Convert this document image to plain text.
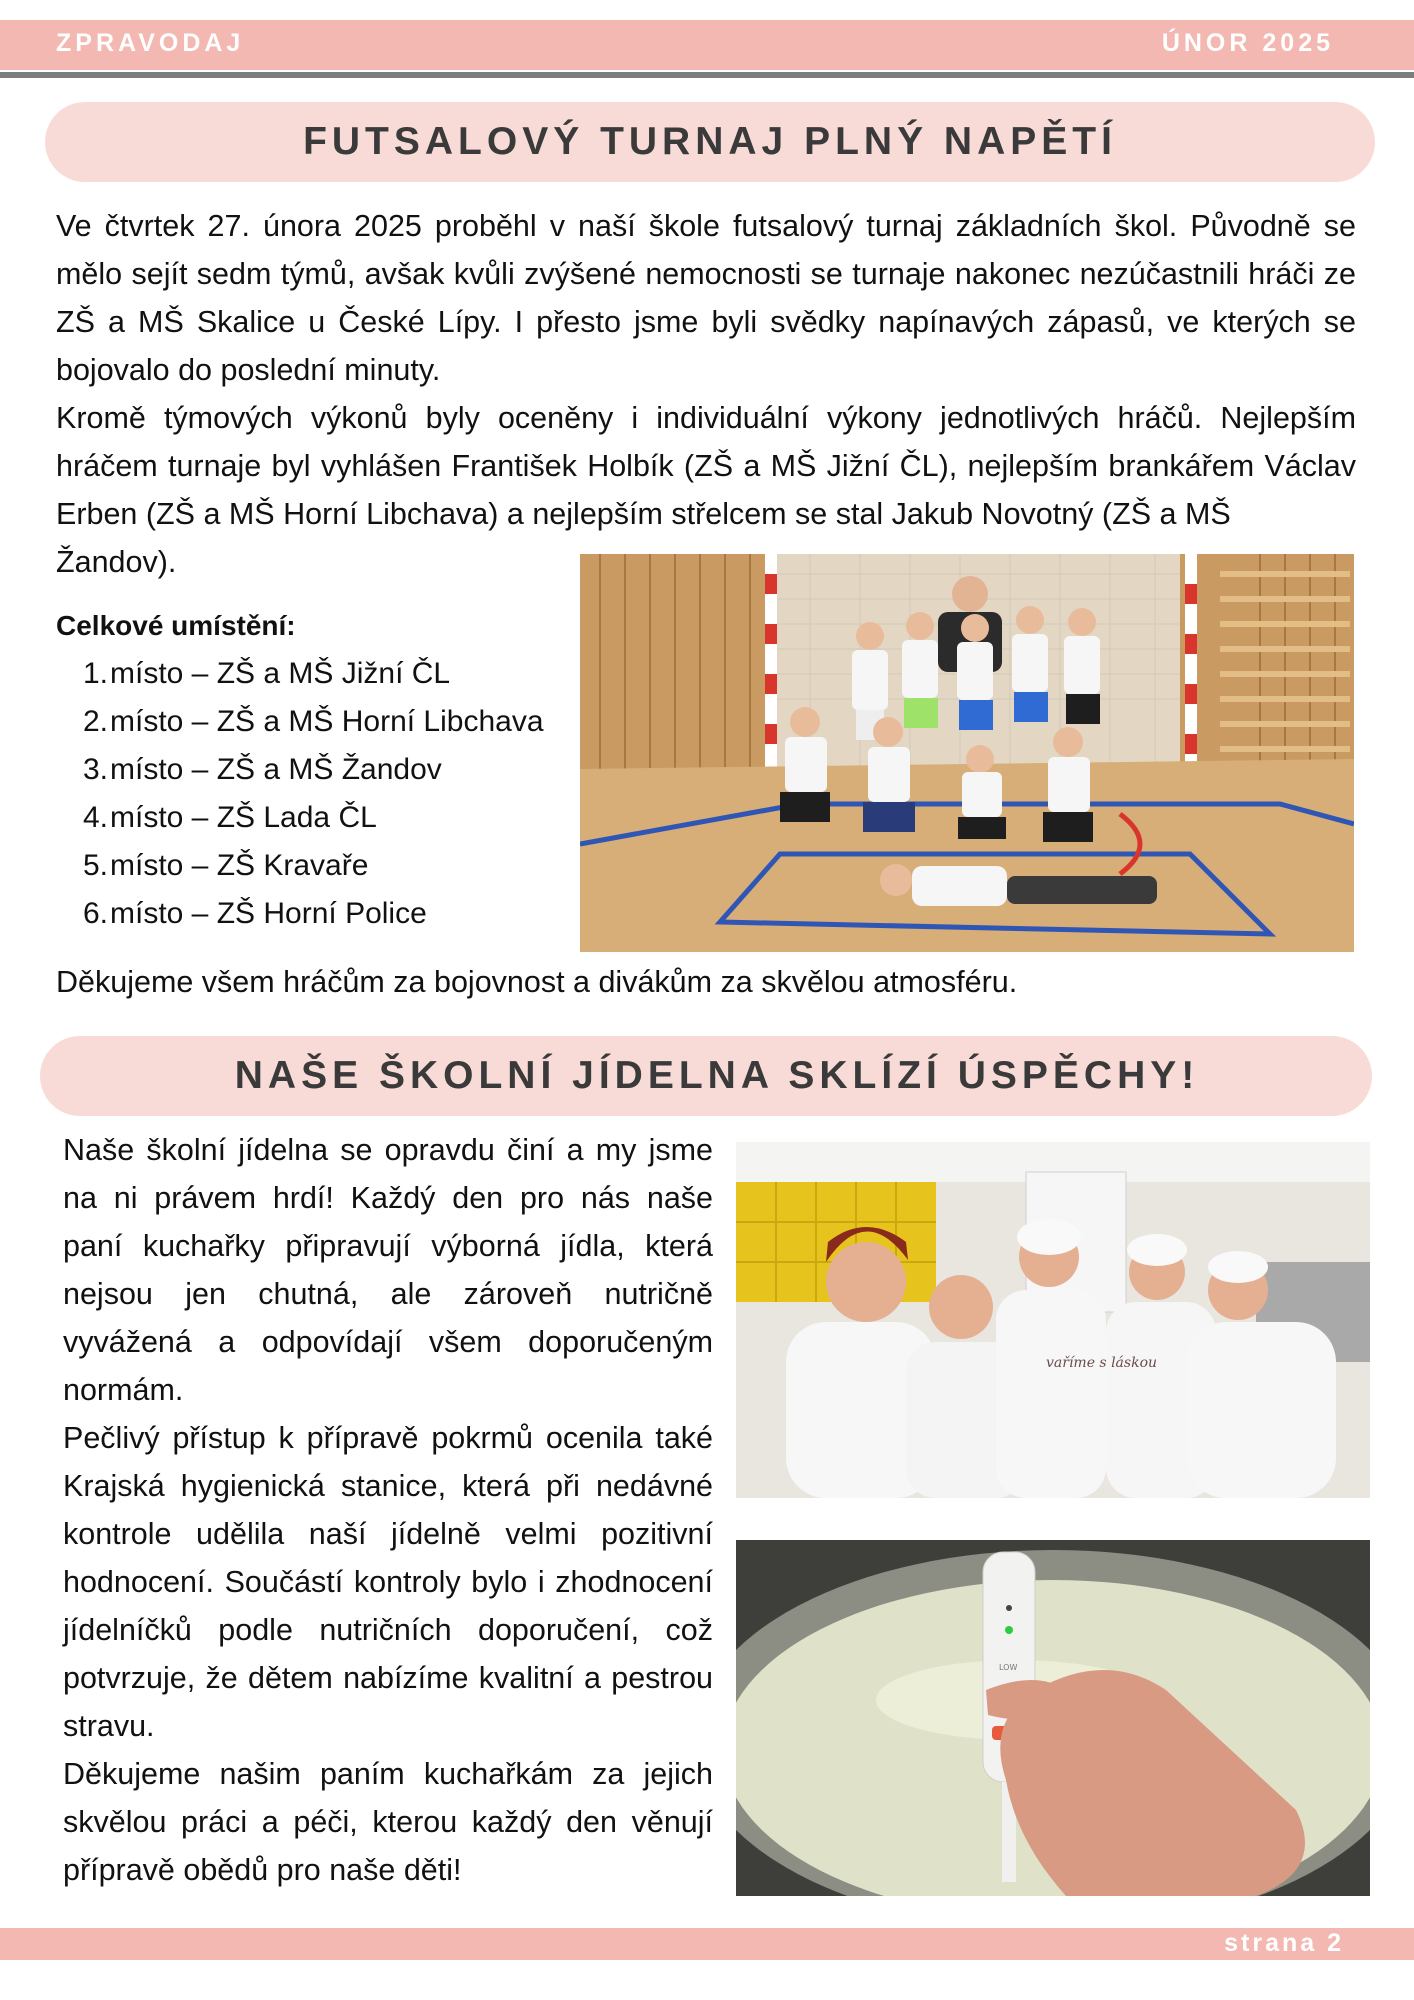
ZPRAVODAJ	ÚNOR 2025
FUTSALOVÝ TURNAJ PLNÝ NAPĚTÍ

Ve čtvrtek 27. února 2025 proběhl v naší škole futsalový turnaj základních škol. Původně se mělo sejít sedm týmů, avšak kvůli zvýšené nemocnosti se turnaje nakonec nezúčastnili hráči ze ZŠ a MŠ Skalice u České Lípy. I přesto jsme byli svědky napínavých zápasů, ve kterých se bojovalo do poslední minuty.

Kromě týmových výkonů byly oceněny i individuální výkony jednotlivých hráčů. Nejlepším hráčem turnaje byl vyhlášen František Holbík (ZŠ a MŠ Jižní ČL), nejlepším brankářem Václav Erben (ZŠ a MŠ Horní Libchava) a nejlepším střelcem se stal Jakub Novotný (ZŠ a MŠ

Žandov).

Celkové umístění:

1. místo – ZŠ a MŠ Jižní ČL
2. místo – ZŠ a MŠ Horní Libchava
3. místo – ZŠ a MŠ Žandov
4. místo – ZŠ Lada ČL
5. místo – ZŠ Kravaře
6. místo – ZŠ Horní Police

Děkujeme všem hráčům za bojovnost a divákům za skvělou atmosféru.

NAŠE ŠKOLNÍ JÍDELNA SKLÍZÍ ÚSPĚCHY!

Naše školní jídelna se opravdu činí a my jsme na ni právem hrdí! Každý den pro nás naše paní kuchařky připravují výborná jídla, která nejsou jen chutná, ale zároveň nutričně vyvážená a odpovídají všem doporučeným normám.

Pečlivý přístup k přípravě pokrmů ocenila také Krajská hygienická stanice, která při nedávné kontrole udělila naší jídelně velmi pozitivní hodnocení. Součástí kontroly bylo i zhodnocení jídelníčků podle nutričních doporučení, což potvrzuje, že dětem nabízíme kvalitní a pestrou stravu.

Děkujeme našim paním kuchařkám za jejich skvělou práci a péči, kterou každý den věnují přípravě obědů pro naše děti!

vaříme s láskou
LOW
strana 2
